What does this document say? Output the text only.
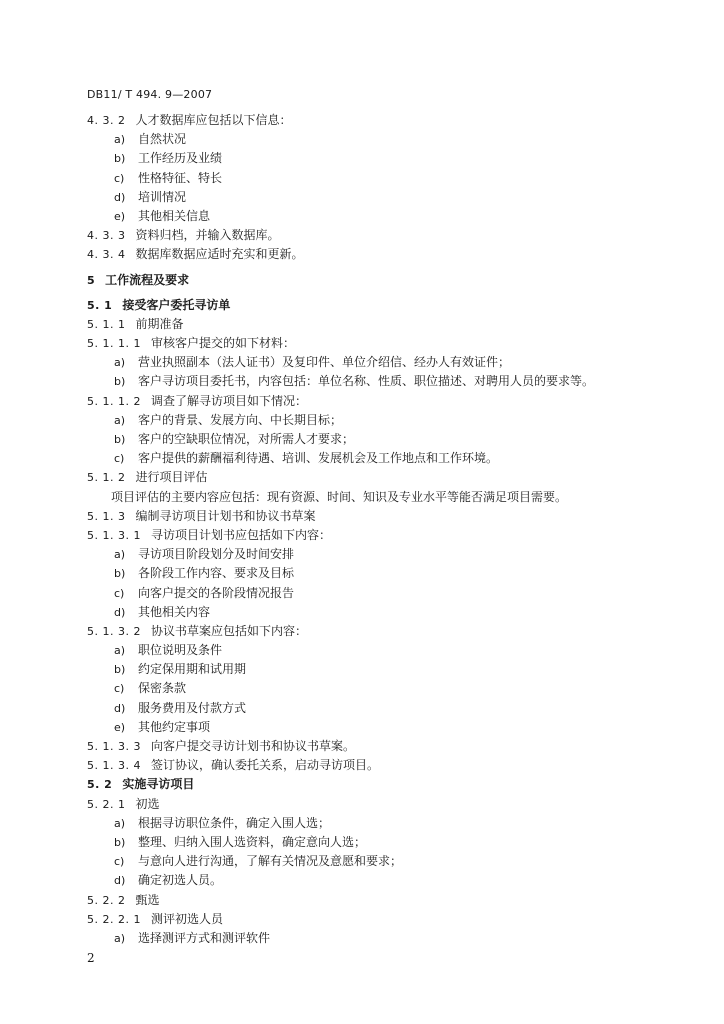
DB11/ T 494. 9—2007
4. 3. 2 人才数据库应包括以下信息：
a) 自然状况
b) 工作经历及业绩
c) 性格特征、特长
d) 培训情况
e) 其他相关信息
4. 3. 3 资料归档，并输入数据库。
4. 3. 4 数据库数据应适时充实和更新。
5 工作流程及要求
5. 1 接受客户委托寻访单
5. 1. 1 前期准备
5. 1. 1. 1 审核客户提交的如下材料：
a) 营业执照副本（法人证书）及复印件、单位介绍信、经办人有效证件；
b) 客户寻访项目委托书，内容包括：单位名称、性质、职位描述、对聘用人员的要求等。
5. 1. 1. 2 调查了解寻访项目如下情况：
a) 客户的背景、发展方向、中长期目标；
b) 客户的空缺职位情况，对所需人才要求；
c) 客户提供的薪酬福利待遇、培训、发展机会及工作地点和工作环境。
5. 1. 2 进行项目评估
项目评估的主要内容应包括：现有资源、时间、知识及专业水平等能否满足项目需要。
5. 1. 3 编制寻访项目计划书和协议书草案
5. 1. 3. 1 寻访项目计划书应包括如下内容：
a) 寻访项目阶段划分及时间安排
b) 各阶段工作内容、要求及目标
c) 向客户提交的各阶段情况报告
d) 其他相关内容
5. 1. 3. 2 协议书草案应包括如下内容：
a) 职位说明及条件
b) 约定保用期和试用期
c) 保密条款
d) 服务费用及付款方式
e) 其他约定事项
5. 1. 3. 3 向客户提交寻访计划书和协议书草案。
5. 1. 3. 4 签订协议，确认委托关系，启动寻访项目。
5. 2 实施寻访项目
5. 2. 1 初选
a) 根据寻访职位条件，确定入围人选；
b) 整理、归纳入围人选资料，确定意向人选；
c) 与意向人进行沟通，了解有关情况及意愿和要求；
d) 确定初选人员。
5. 2. 2 甄选
5. 2. 2. 1 测评初选人员
a) 选择测评方式和测评软件
2
